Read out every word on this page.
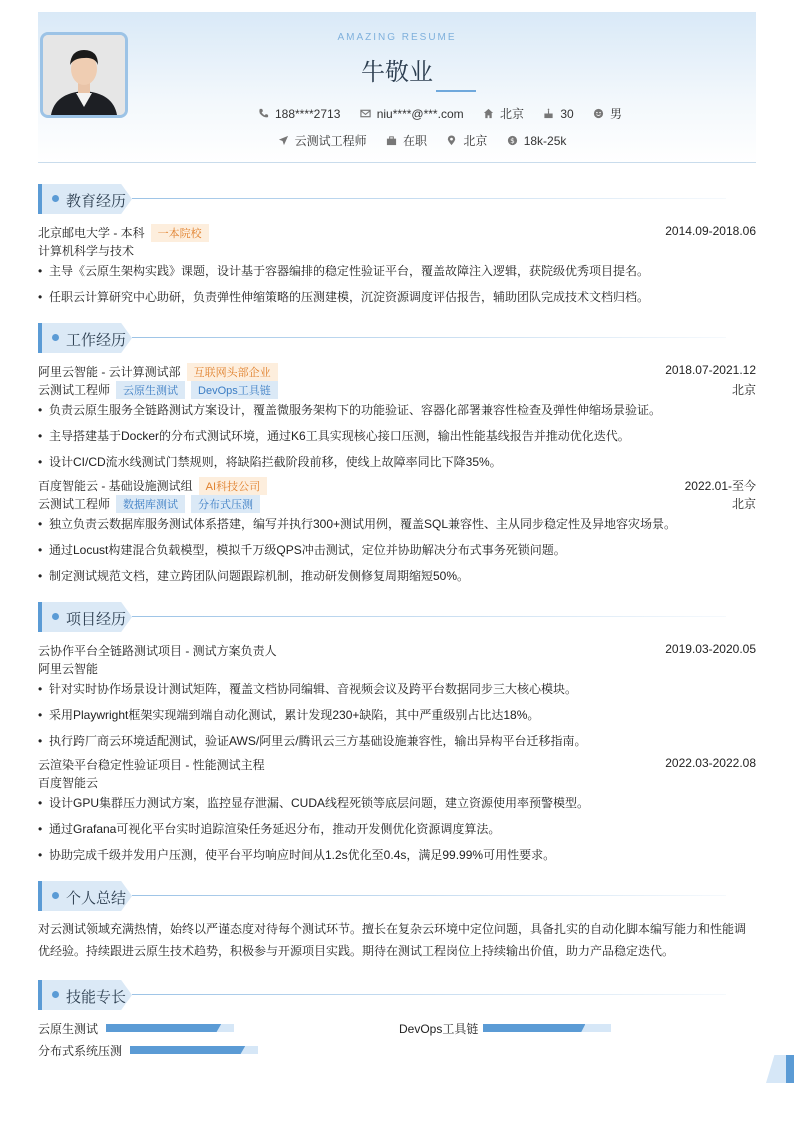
AMAZING RESUME
牛敬业
188****2713	niu****@***.com	北京	30	男
云测试工程师	在职	北京	$ 18k-25k
教育经历
北京邮电大学 - 本科 一本院校	2014.09-2018.06
计算机科学与技术
• 主导《云原生架构实践》课题，设计基于容器编排的稳定性验证平台，覆盖故障注入逻辑，获院级优秀项目提名。
• 任职云计算研究中心助研，负责弹性伸缩策略的压测建模，沉淀资源调度评估报告，辅助团队完成技术文档归档。
工作经历
阿里云智能 - 云计算测试部 互联网头部企业	2018.07-2021.12
云测试工程师 云原生测试 DevOps工具链	北京
• 负责云原生服务全链路测试方案设计，覆盖微服务架构下的功能验证、容器化部署兼容性检查及弹性伸缩场景验证。
• 主导搭建基于Docker的分布式测试环境，通过K6工具实现核心接口压测，输出性能基线报告并推动优化迭代。
• 设计CI/CD流水线测试门禁规则，将缺陷拦截阶段前移，使线上故障率同比下降35%。
百度智能云 - 基础设施测试组 AI科技公司	2022.01-至今
云测试工程师 数据库测试 分布式压测	北京
• 独立负责云数据库服务测试体系搭建，编写并执行300+测试用例，覆盖SQL兼容性、主从同步稳定性及异地容灾场景。
• 通过Locust构建混合负载模型，模拟千万级QPS冲击测试，定位并协助解决分布式事务死锁问题。
• 制定测试规范文档，建立跨团队问题跟踪机制，推动研发侧修复周期缩短50%。
项目经历
云协作平台全链路测试项目 - 测试方案负责人	2019.03-2020.05
阿里云智能
• 针对实时协作场景设计测试矩阵，覆盖文档协同编辑、音视频会议及跨平台数据同步三大核心模块。
• 采用Playwright框架实现端到端自动化测试，累计发现230+缺陷，其中严重级别占比达18%。
• 执行跨厂商云环境适配测试，验证AWS/阿里云/腾讯云三方基础设施兼容性，输出异构平台迁移指南。
云渲染平台稳定性验证项目 - 性能测试主程	2022.03-2022.08
百度智能云
• 设计GPU集群压力测试方案，监控显存泄漏、CUDA线程死锁等底层问题，建立资源使用率预警模型。
• 通过Grafana可视化平台实时追踪渲染任务延迟分布，推动开发侧优化资源调度算法。
• 协助完成千级并发用户压测，使平台平均响应时间从1.2s优化至0.4s，满足99.99%可用性要求。
个人总结
对云测试领域充满热情，始终以严谨态度对待每个测试环节。擅长在复杂云环境中定位问题，具备扎实的自动化脚本编写能力和性能调
优经验。持续跟进云原生技术趋势，积极参与开源项目实践。期待在测试工程岗位上持续输出价值，助力产品稳定迭代。
技能专长
云原生测试	DevOps工具链
分布式系统压测
